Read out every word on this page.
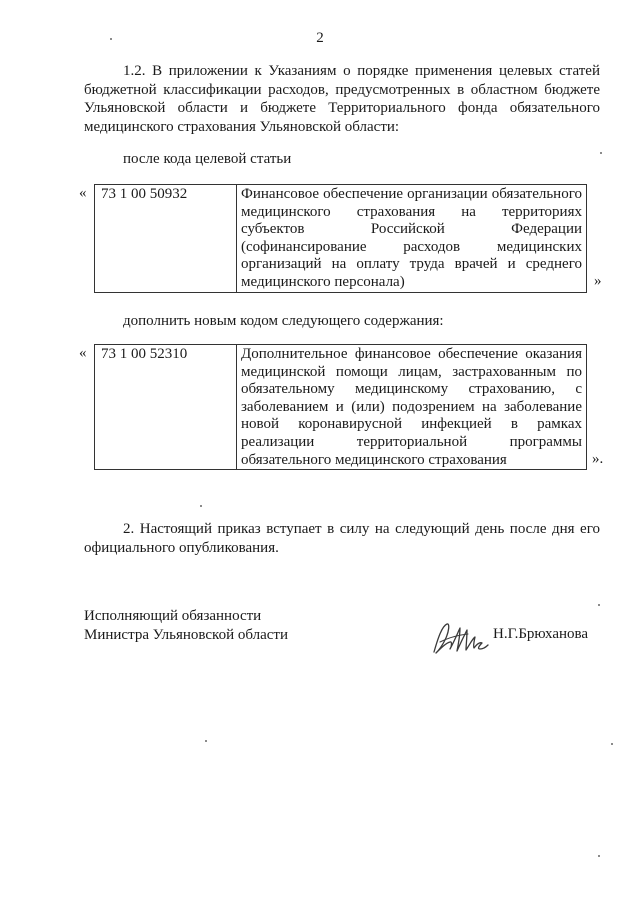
2
1.2. В приложении к Указаниям о порядке применения целевых статей бюджетной классификации расходов, предусмотренных в областном бюджете Ульяновской области и бюджете Территориального фонда обязательного медицинского страхования Ульяновской области:
после кода целевой статьи
« 73 1 00 50932	Финансовое обеспечение организации обязательного медицинского страхования на территориях субъектов Российской Федерации (софинансирование расходов медицинских организаций на оплату труда врачей и среднего медицинского персонала)	»
дополнить новым кодом следующего содержания:
« 73 1 00 52310	Дополнительное финансовое обеспечение оказания медицинской помощи лицам, застрахованным по обязательному медицинскому страхованию, с заболеванием и (или) подозрением на заболевание новой коронавирусной инфекцией в рамках реализации территориальной программы обязательного медицинского страхования	».
2. Настоящий приказ вступает в силу на следующий день после дня его официального опубликования.
Исполняющий обязанности
Министра Ульяновской области	Н.Г.Брюханова
